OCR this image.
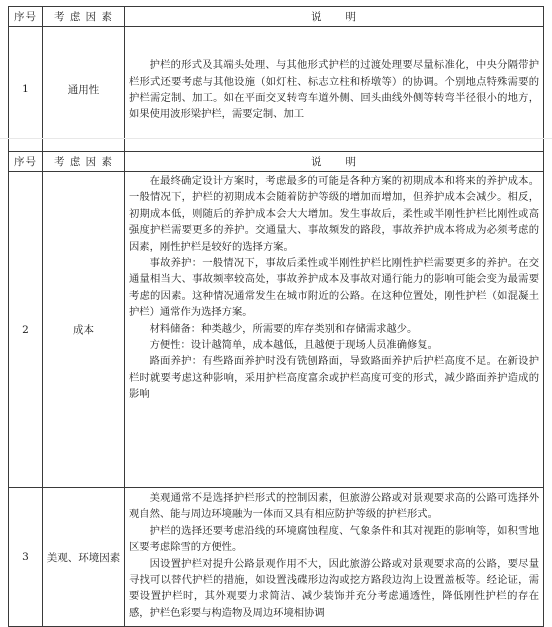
序号	考 虑 因 素	说　　明
1	通用性	护栏的形式及其端头处理、与其他形式护栏的过渡处理要尽量标准化，中央分隔带护栏形式还要考虑与其他设施（如灯柱、标志立柱和桥墩等）的协调。个别地点特殊需要的护栏需定制、加工。如在平面交叉转弯车道外侧、回头曲线外侧等转弯半径很小的地方，如果使用波形梁护栏，需要定制、加工

序号	考 虑 因 素	说　　明
2	成本	在最终确定设计方案时，考虑最多的可能是各种方案的初期成本和将来的养护成本。一般情况下，护栏的初期成本会随着防护等级的增加而增加，但养护成本会减少。相反，初期成本低，则随后的养护成本会大大增加。发生事故后，柔性或半刚性护栏比刚性或高强度护栏需要更多的养护。交通量大、事故频发的路段，事故养护成本将成为必须考虑的因素，刚性护栏是较好的选择方案。

事故养护：一般情况下，事故后柔性或半刚性护栏比刚性护栏需要更多的养护。在交通量相当大、事故频率较高处，事故养护成本及事故对通行能力的影响可能会变为最需要考虑的因素。这种情况通常发生在城市附近的公路。在这种位置处，刚性护栏（如混凝土护栏）通常作为选择方案。

材料储备：种类越少，所需要的库存类别和存储需求越少。

方便性：设计越简单，成本越低，且越便于现场人员准确修复。

路面养护：有些路面养护时没有铣刨路面，导致路面养护后护栏高度不足。在新设护栏时就要考虑这种影响，采用护栏高度富余或护栏高度可变的形式，减少路面养护造成的影响

3	美观、环境因素	美观通常不是选择护栏形式的控制因素，但旅游公路或对景观要求高的公路可选择外观自然、能与周边环境融为一体而又具有相应防护等级的护栏形式。

护栏的选择还要考虑沿线的环境腐蚀程度、气象条件和其对视距的影响等，如积雪地区要考虑除雪的方便性。

因设置护栏对提升公路景观作用不大，因此旅游公路或对景观要求高的公路，要尽量寻找可以替代护栏的措施，如设置浅碟形边沟或挖方路段边沟上设置盖板等。经论证，需要设置护栏时，其外观要力求简洁、减少装饰并充分考虑通透性，降低刚性护栏的存在感，护栏色彩要与构造物及周边环境相协调
